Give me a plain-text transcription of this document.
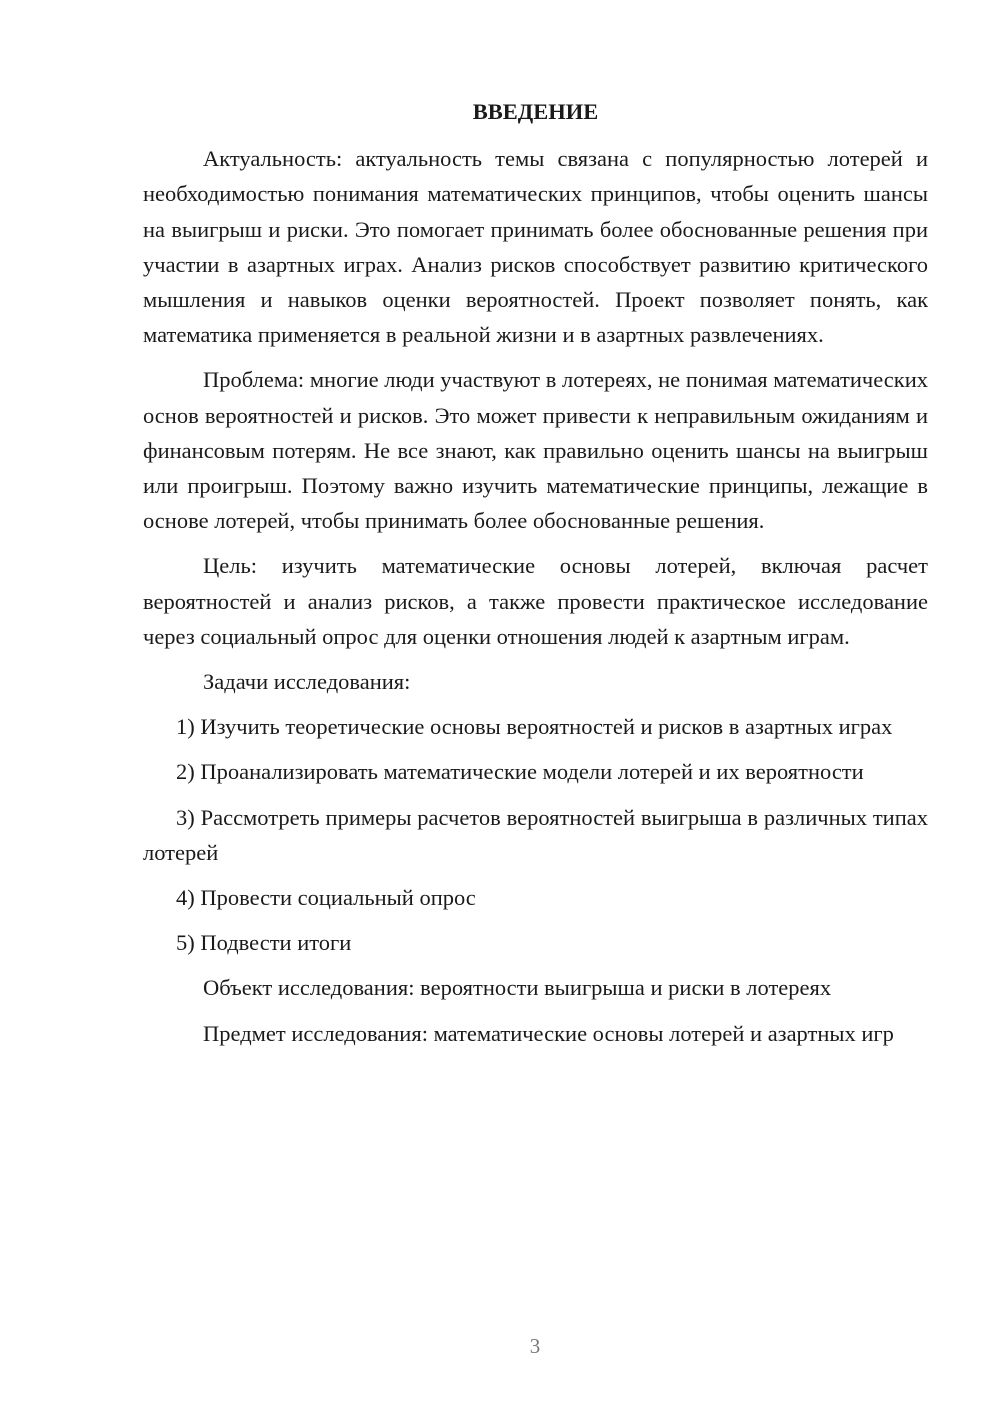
ВВЕДЕНИЕ

Актуальность: актуальность темы связана с популярностью лотерей и необходимостью понимания математических принципов, чтобы оценить шансы на выигрыш и риски. Это помогает принимать более обоснованные решения при участии в азартных играх. Анализ рисков способствует развитию критического мышления и навыков оценки вероятностей. Проект позволяет понять, как математика применяется в реальной жизни и в азартных развлечениях.

Проблема: многие люди участвуют в лотереях, не понимая математических основ вероятностей и рисков. Это может привести к неправильным ожиданиям и финансовым потерям. Не все знают, как правильно оценить шансы на выигрыш или проигрыш. Поэтому важно изучить математические принципы, лежащие в основе лотерей, чтобы принимать более обоснованные решения.

Цель: изучить математические основы лотерей, включая расчет вероятностей и анализ рисков, а также провести практическое исследование через социальный опрос для оценки отношения людей к азартным играм.

Задачи исследования:

1) Изучить теоретические основы вероятностей и рисков в азартных играх

2) Проанализировать математические модели лотерей и их вероятности

3) Рассмотреть примеры расчетов вероятностей выигрыша в различных типах лотерей

4) Провести социальный опрос

5) Подвести итоги

Объект исследования: вероятности выигрыша и риски в лотереях

Предмет исследования: математические основы лотерей и азартных игр

3
